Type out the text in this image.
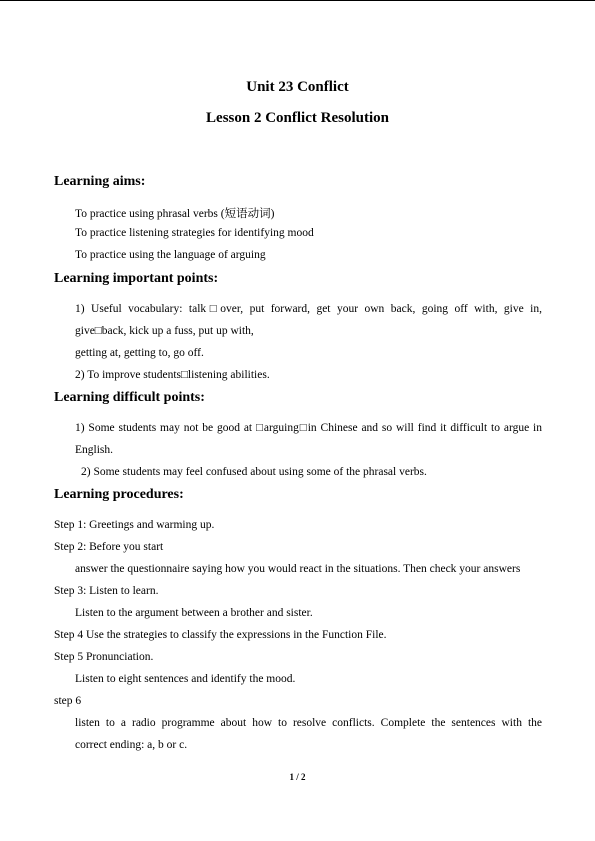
Unit 23 Conflict
Lesson 2 Conflict Resolution
Learning aims:
To practice using phrasal verbs (短语动词)
To practice listening strategies for identifying mood
To practice using the language of arguing
Learning important points:
1) Useful vocabulary: talk□over, put forward, get your own back, going off with, give in,
give□back, kick up a fuss, put up with,
getting at, getting to, go off.
2) To improve students□listening abilities.
Learning difficult points:
1) Some students may not be good at □arguing□in Chinese and so will find it difficult to argue in
English.
2) Some students may feel confused about using some of the phrasal verbs.
Learning procedures:
Step 1: Greetings and warming up.
Step 2: Before you start
answer the questionnaire saying how you would react in the situations. Then check your answers
Step 3: Listen to learn.
Listen to the argument between a brother and sister.
Step 4 Use the strategies to classify the expressions in the Function File.
Step 5 Pronunciation.
Listen to eight sentences and identify the mood.
step 6
listen to a radio programme about how to resolve conflicts. Complete the sentences with the
correct ending: a, b or c.
1 / 2
